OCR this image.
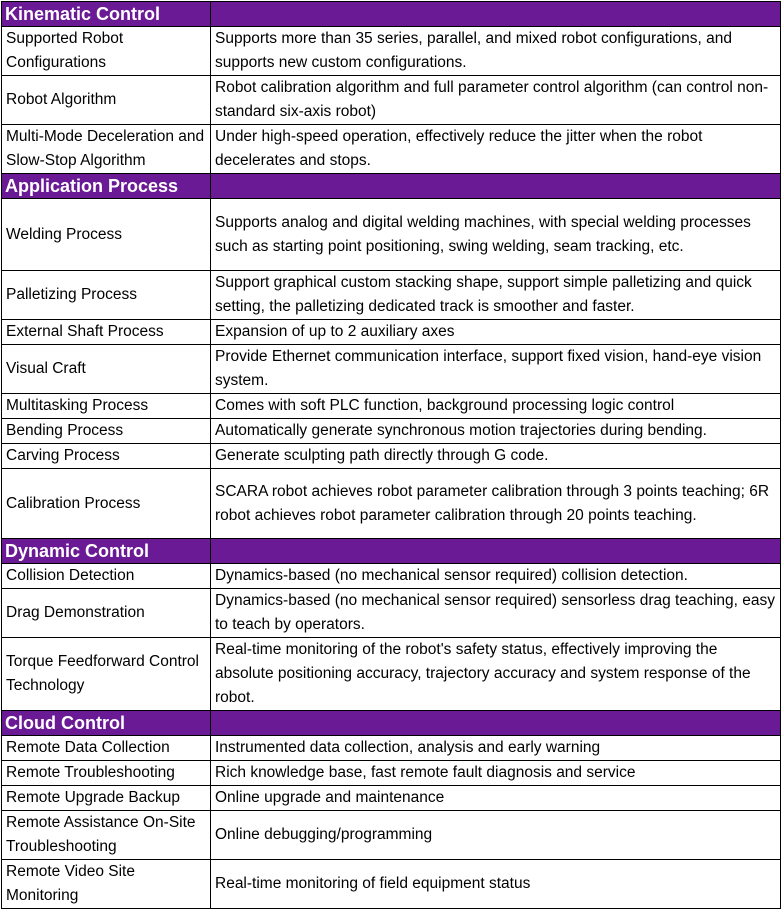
Kinematic Control	
Supported Robot Configurations	Supports more than 35 series, parallel, and mixed robot configurations, and supports new custom configurations.
Robot Algorithm	Robot calibration algorithm and full parameter control algorithm (can control non-standard six-axis robot)
Multi-Mode Deceleration and Slow-Stop Algorithm	Under high-speed operation, effectively reduce the jitter when the robot decelerates and stops.
Application Process	
Welding Process	Supports analog and digital welding machines, with special welding processes such as starting point positioning, swing welding, seam tracking, etc.
Palletizing Process	Support graphical custom stacking shape, support simple palletizing and quick setting, the palletizing dedicated track is smoother and faster.
External Shaft Process	Expansion of up to 2 auxiliary axes
Visual Craft	Provide Ethernet communication interface, support fixed vision, hand-eye vision system.
Multitasking Process	Comes with soft PLC function, background processing logic control
Bending Process	Automatically generate synchronous motion trajectories during bending.
Carving Process	Generate sculpting path directly through G code.
Calibration Process	SCARA robot achieves robot parameter calibration through 3 points teaching; 6R robot achieves robot parameter calibration through 20 points teaching.
Dynamic Control	
Collision Detection	Dynamics-based (no mechanical sensor required) collision detection.
Drag Demonstration	Dynamics-based (no mechanical sensor required) sensorless drag teaching, easy to teach by operators.
Torque Feedforward Control Technology	Real-time monitoring of the robot's safety status, effectively improving the absolute positioning accuracy, trajectory accuracy and system response of the robot.
Cloud Control	
Remote Data Collection	Instrumented data collection, analysis and early warning
Remote Troubleshooting	Rich knowledge base, fast remote fault diagnosis and service
Remote Upgrade Backup	Online upgrade and maintenance
Remote Assistance On-Site Troubleshooting	Online debugging/programming
Remote Video Site Monitoring	Real-time monitoring of field equipment status
